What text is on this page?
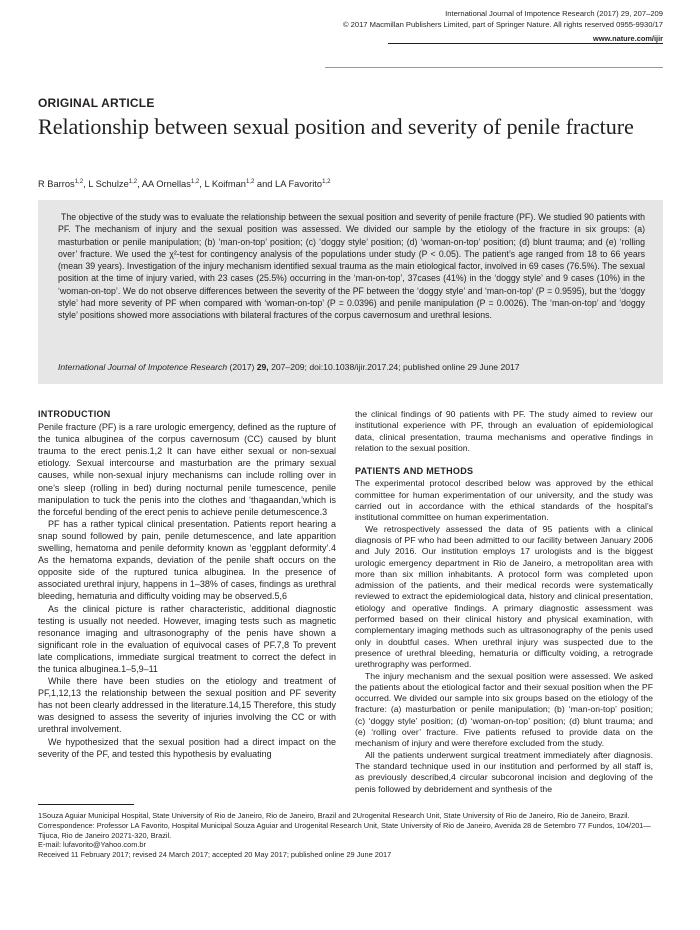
International Journal of Impotence Research (2017) 29, 207–209
© 2017 Macmillan Publishers Limited, part of Springer Nature. All rights reserved 0955-9930/17
www.nature.com/ijir
ORIGINAL ARTICLE
Relationship between sexual position and severity of penile fracture
R Barros$^{1,2}$, L Schulze$^{1,2}$, AA Ornellas$^{1,2}$, L Koifman$^{1,2}$ and LA Favorito$^{1,2}$
The objective of the study was to evaluate the relationship between the sexual position and severity of penile fracture (PF). We studied 90 patients with PF. The mechanism of injury and the sexual position was assessed. We divided our sample by the etiology of the fracture in six groups: (a) masturbation or penile manipulation; (b) ‘man-on-top’ position; (c) ‘doggy style’ position; (d) ‘woman-on-top’ position; (d) blunt trauma; and (e) ‘rolling over’ fracture. We used the χ²-test for contingency analysis of the populations under study (P < 0.05). The patient’s age ranged from 18 to 66 years (mean 39 years). Investigation of the injury mechanism identified sexual trauma as the main etiological factor, involved in 69 cases (76.5%). The sexual position at the time of injury varied, with 23 cases (25.5%) occurring in the ‘man-on-top’, 37cases (41%) in the ‘doggy style’ and 9 cases (10%) in the ‘woman-on-top’. We do not observe differences between the severity of the PF between the ‘doggy style’ and ‘man-on-top’ (P = 0.9595), but the ‘doggy style’ had more severity of PF when compared with ‘woman-on-top’ (P = 0.0396) and penile manipulation (P = 0.0026). The ‘man-on-top’ and ‘doggy style’ positions showed more associations with bilateral fractures of the corpus cavernosum and urethral lesions.
International Journal of Impotence Research (2017) 29, 207–209; doi:10.1038/ijir.2017.24; published online 29 June 2017
INTRODUCTION

Penile fracture (PF) is a rare urologic emergency, defined as the rupture of the tunica albuginea of the corpus cavernosum (CC) caused by blunt trauma to the erect penis.1,2 It can have either sexual or non-sexual etiology. Sexual intercourse and masturbation are the primary sexual causes, while non-sexual injury mechanisms can include rolling over in one’s sleep (rolling in bed) during nocturnal penile tumescence, penile manipulation to tuck the penis into the clothes and ‘thagaandan,’which is the forceful bending of the erect penis to achieve penile detumescence.3

PF has a rather typical clinical presentation. Patients report hearing a snap sound followed by pain, penile detumescence, and late apparition swelling, hematoma and penile deformity known as ‘eggplant deformity’.4 As the hematoma expands, deviation of the penile shaft occurs on the opposite side of the ruptured tunica albuginea. In the presence of associated urethral injury, happens in 1–38% of cases, findings as urethral bleeding, hematuria and difficulty voiding may be observed.5,6

As the clinical picture is rather characteristic, additional diagnostic testing is usually not needed. However, imaging tests such as magnetic resonance imaging and ultrasonography of the penis have shown a significant role in the evaluation of equivocal cases of PF.7,8 To prevent late complications, immediate surgical treatment to correct the defect in the tunica albuginea.1–5,9–11

While there have been studies on the etiology and treatment of PF,1,12,13 the relationship between the sexual position and PF severity has not been clearly addressed in the literature.14,15 Therefore, this study was designed to assess the severity of injuries involving the CC or with urethral involvement.

We hypothesized that the sexual position had a direct impact on the severity of the PF, and tested this hypothesis by evaluating

the clinical findings of 90 patients with PF. The study aimed to review our institutional experience with PF, through an evaluation of epidemiological data, clinical presentation, trauma mechanisms and operative findings in relation to the sexual position.

PATIENTS AND METHODS

The experimental protocol described below was approved by the ethical committee for human experimentation of our university, and the study was carried out in accordance with the ethical standards of the hospital’s institutional committee on human experimentation.

We retrospectively assessed the data of 95 patients with a clinical diagnosis of PF who had been admitted to our facility between January 2006 and July 2016. Our institution employs 17 urologists and is the biggest urologic emergency department in Rio de Janeiro, a metropolitan area with more than six million inhabitants. A protocol form was completed upon admission of the patients, and their medical records were systematically reviewed to extract the epidemiological data, history and clinical presentation, etiology and operative findings. A primary diagnostic assessment was performed based on their clinical history and physical examination, with complementary imaging methods such as ultrasonography of the penis used only in doubtful cases. When urethral injury was suspected due to the presence of urethral bleeding, hematuria or difficulty voiding, a retrograde urethrography was performed.

The injury mechanism and the sexual position were assessed. We asked the patients about the etiological factor and their sexual position when the PF occurred. We divided our sample into six groups based on the etiology of the fracture: (a) masturbation or penile manipulation; (b) ‘man-on-top’ position; (c) ‘doggy style’ position; (d) ‘woman-on-top’ position; (d) blunt trauma; and (e) ‘rolling over’ fracture. Five patients refused to provide data on the mechanism of injury and were therefore excluded from the study.

All the patients underwent surgical treatment immediately after diagnosis. The standard technique used in our institution and performed by all staff is, as previously described,4 circular subcoronal incision and degloving of the penis followed by debridement and synthesis of the

1Souza Aguiar Municipal Hospital, State University of Rio de Janeiro, Rio de Janeiro, Brazil and 2Urogenital Research Unit, State University of Rio de Janeiro, Rio de Janeiro, Brazil. Correspondence: Professor LA Favorito, Hospital Municipal Souza Aguiar and Urogenital Research Unit, State University of Rio de Janeiro, Avenida 28 de Setembro 77 Fundos, 104/201—Tijuca, Rio de Janeiro 20271-320, Brazil.

E-mail: lufavorito@Yahoo.com.br

Received 11 February 2017; revised 24 March 2017; accepted 20 May 2017; published online 29 June 2017
